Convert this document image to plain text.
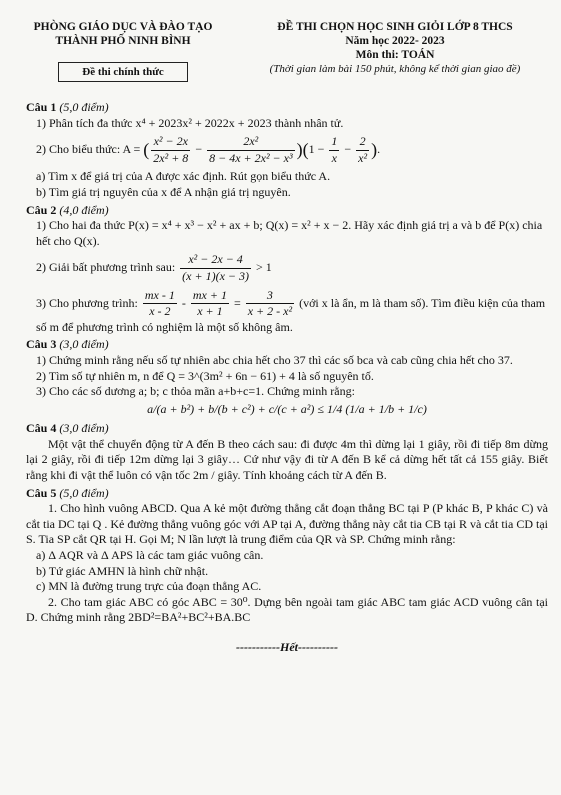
PHÒNG GIÁO DỤC VÀ ĐÀO TẠO
THÀNH PHỐ NINH BÌNH
Đề thi chính thức
ĐỀ THI CHỌN HỌC SINH GIỎI LỚP 8 THCS
Năm học 2022- 2023
Môn thi: TOÁN
(Thời gian làm bài 150 phút, không kể thời gian giao đề)

Câu 1 (5,0 điểm)

1) Phân tích đa thức x⁴ + 2023x² + 2022x + 2023 thành nhân tử.

2) Cho biểu thức: A = ( $\frac{\text{x² − 2x}}{\text{2x² + 8}} - \frac{\text{2x²}}{\text{8 − 4x + 2x² − x³}} )(1 - \frac{1}{x} - \frac{2}{\text{x²}}$ ).

a) Tìm x để giá trị của A được xác định. Rút gọn biểu thức A.

b) Tìm giá trị nguyên của x để A nhận giá trị nguyên.

Câu 2 (4,0 điểm)

1) Cho hai đa thức P(x) = x⁴ + x³ − x² + ax + b; Q(x) = x² + x − 2. Hãy xác định giá trị a và b để P(x) chia hết cho Q(x).

2) Giải bất phương trình sau: $\frac{\text{x² − 2x − 4}}{(x + 1)(x - 3)} > 1$

3) Cho phương trình: $\frac{mx - 1}{x - 2} - \frac{mx + 1}{x + 1} = \frac{3}{\text{x + 2 - x²}}$ (với x là ẩn, m là tham số). Tìm điều kiện của tham số m để phương trình có nghiệm là một số không âm.

Câu 3 (3,0 điểm)

1) Chứng minh rằng nếu số tự nhiên abc chia hết cho 37 thì các số bca và cab cũng chia hết cho 37.

2) Tìm số tự nhiên m, n để Q = 3^(3m² + 6n − 61) + 4 là số nguyên tố.

3) Cho các số dương a; b; c thỏa mãn a+b+c=1. Chứng minh rằng:

a/(a + b²) + b/(b + c²) + c/(c + a²) ≤ 1/4 (1/a + 1/b + 1/c)

Câu 4 (3,0 điểm)

Một vật thể chuyển động từ A đến B theo cách sau: đi được 4m thì dừng lại 1 giây, rồi đi tiếp 8m dừng lại 2 giây, rồi đi tiếp 12m dừng lại 3 giây… Cứ như vậy đi từ A đến B kể cả dừng hết tất cả 155 giây. Biết rằng khi đi vật thể luôn có vận tốc 2m / giây. Tính khoảng cách từ A đến B.

Câu 5 (5,0 điểm)

1. Cho hình vuông ABCD. Qua A kẻ một đường thẳng cắt đoạn thẳng BC tại P (P khác B, P khác C) và cắt tia DC tại Q . Kẻ đường thẳng vuông góc với AP tại A, đường thẳng này cắt tia CB tại R và cắt tia CD tại S. Tia SP cắt QR tại H. Gọi M; N lần lượt là trung điểm của QR và SP. Chứng minh rằng:

a) Δ AQR và Δ APS là các tam giác vuông cân.

b) Tứ giác AMHN là hình chữ nhật.

c) MN là đường trung trực của đoạn thẳng AC.

2. Cho tam giác ABC có góc ABC = 30⁰. Dựng bên ngoài tam giác ABC tam giác ACD vuông cân tại D. Chứng minh rằng 2BD²=BA²+BC²+BA.BC

-----------Hết----------
